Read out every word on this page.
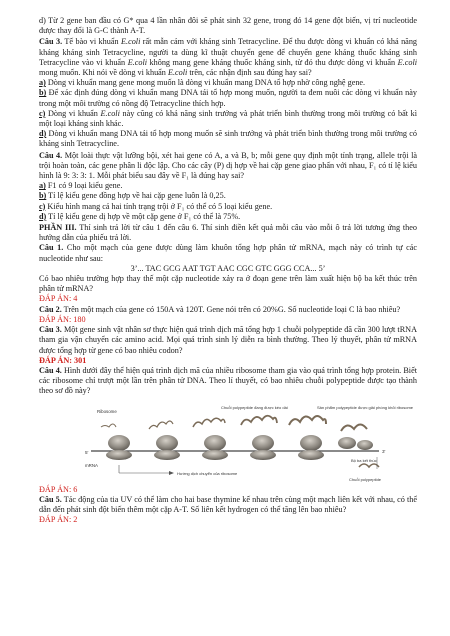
d) Từ 2 gene ban đầu có G* qua 4 lần nhân đôi sẽ phát sinh 32 gene, trong đó 14 gene đột biến, vị trí nucleotide được thay đổi là G-C thành A-T.

Câu 3. Tế bào vi khuẩn E.coli rất mẫn cảm với kháng sinh Tetracycline. Để thu được dòng vi khuẩn có khả năng kháng kháng sinh Tetracycline, người ta dùng kĩ thuật chuyển gene để chuyển gene kháng thuốc kháng sinh Tetracycline vào vi khuẩn E.coli không mang gene kháng thuốc kháng sinh, từ đó thu được dòng vi khuẩn E.coli mong muốn. Khi nói về dòng vi khuẩn E.coli trên, các nhận định sau đúng hay sai?

a) Dòng vi khuẩn mang gene mong muốn là dòng vi khuẩn mang DNA tổ hợp nhờ công nghệ gene.

b) Để xác định đúng dòng vi khuẩn mang DNA tái tổ hợp mong muốn, người ta đem nuôi các dòng vi khuẩn này trong một môi trường có nồng độ Tetracycline thích hợp.

c) Dòng vi khuẩn E.coli này cũng có khả năng sinh trưởng và phát triển bình thường trong môi trường có bất kì một loại kháng sinh khác.

d) Dòng vi khuẩn mang DNA tái tổ hợp mong muốn sẽ sinh trưởng và phát triển bình thường trong môi trường có kháng sinh Tetracycline.

Câu 4. Một loài thực vật lưỡng bội, xét hai gene có A, a và B, b; mỗi gene quy định một tính trạng, allele trội là trội hoàn toàn, các gene phân li độc lập. Cho các cây (P) dị hợp về hai cặp gene giao phấn với nhau, F₁ có tỉ lệ kiểu hình là 9: 3: 3: 1. Mỗi phát biểu sau đây về F₁ là đúng hay sai?

a) F1 có 9 loại kiểu gene.

b) Tỉ lệ kiểu gene đồng hợp về hai cặp gene luôn là 0,25.

c) Kiểu hình mang cả hai tính trạng trội ở F₁ có thể có 5 loại kiểu gene.

d) Tỉ lệ kiểu gene dị hợp về một cặp gene ở F₁ có thể là 75%.

PHẦN III. Thí sinh trả lời từ câu 1 đến câu 6. Thí sinh điền kết quả mỗi câu vào mỗi ô trả lời tương ứng theo hướng dẫn của phiếu trả lời.

Câu 1. Cho một mạch của gene được dùng làm khuôn tổng hợp phân tử mRNA, mạch này có trình tự các nucleotide như sau:

3’... TAC GCG AAT TGT AAC CGC GTC GGG CCA... 5’

Có bao nhiêu trường hợp thay thế một cặp nucleotide xảy ra ở đoạn gene trên làm xuất hiện bộ ba kết thúc trên phân tử mRNA?

ĐÁP ÁN: 4

Câu 2. Trên một mạch của gene có 150A và 120T. Gene nói trên có 20%G. Số nucleotide loại C là bao nhiêu?

ĐÁP ÁN: 180

Câu 3. Một gene sinh vật nhân sơ thực hiện quá trình dịch mã tổng hợp 1 chuỗi polypeptide đã cần 300 lượt tRNA tham gia vận chuyển các amino acid. Mọi quá trình sinh lý diễn ra bình thường. Theo lý thuyết, phân tử mRNA được tổng hợp từ gene có bao nhiêu codon?

ĐÁP ÁN: 301

Câu 4. Hình dưới đây thể hiện quá trình dịch mã của nhiều ribosome tham gia vào quá trình tổng hợp protein. Biết các ribosome chỉ trượt một lần trên phân tử DNA. Theo lí thuyết, có bao nhiêu chuỗi polypeptide được tạo thành theo sơ đồ này?

Ribosome
Chuỗi polypeptide đang được kéo dài	Sản phẩm polypeptide được giải phóng khỏi ribosome
5'	3'
mRNA
Bộ ba kết thúc
Hướng dịch chuyển của ribosome
Chuỗi polypeptide

ĐÁP ÁN: 6

Câu 5. Tác động của tia UV có thể làm cho hai base thymine kế nhau trên cùng một mạch liên kết với nhau, có thể dẫn đến phát sinh đột biến thêm một cặp A-T. Số liên kết hydrogen có thể tăng lên bao nhiêu?

ĐÁP ÁN: 2
